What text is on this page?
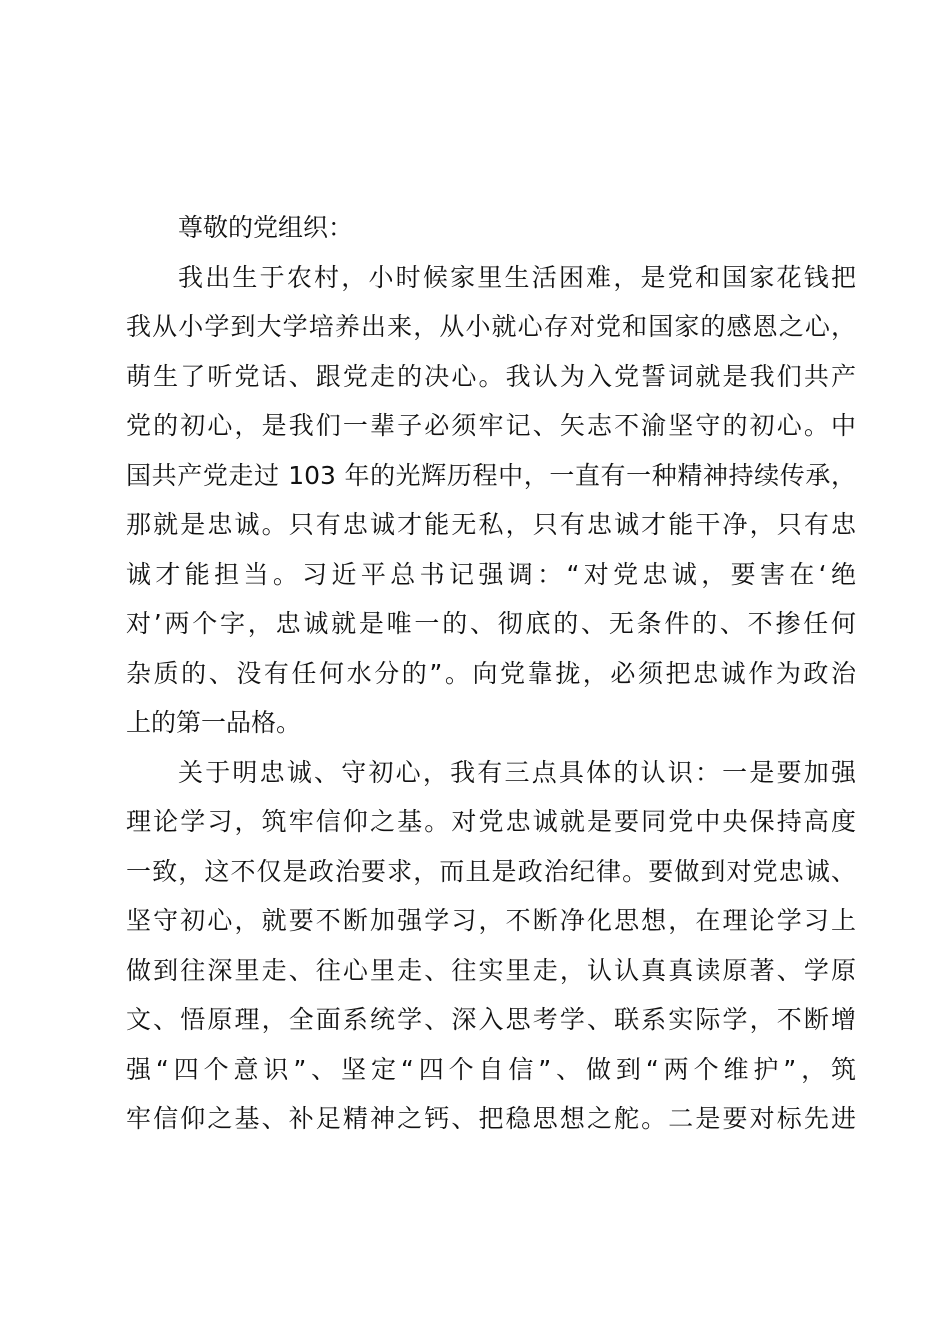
尊敬的党组织：
我出生于农村，小时候家里生活困难，是党和国家花钱把
我从小学到大学培养出来，从小就心存对党和国家的感恩之心，
萌生了听党话、跟党走的决心。我认为入党誓词就是我们共产
党的初心，是我们一辈子必须牢记、矢志不渝坚守的初心。中
国共产党走过 103 年的光辉历程中，一直有一种精神持续传承，
那就是忠诚。只有忠诚才能无私，只有忠诚才能干净，只有忠
诚才能担当。习近平总书记强调：“对党忠诚，要害在‘绝
对’两个字，忠诚就是唯一的、彻底的、无条件的、不掺任何
杂质的、没有任何水分的”。向党靠拢，必须把忠诚作为政治
上的第一品格。
关于明忠诚、守初心，我有三点具体的认识：一是要加强
理论学习，筑牢信仰之基。对党忠诚就是要同党中央保持高度
一致，这不仅是政治要求，而且是政治纪律。要做到对党忠诚、
坚守初心，就要不断加强学习，不断净化思想，在理论学习上
做到往深里走、往心里走、往实里走，认认真真读原著、学原
文、悟原理，全面系统学、深入思考学、联系实际学，不断增
强“四个意识”、坚定“四个自信”、做到“两个维护”，筑
牢信仰之基、补足精神之钙、把稳思想之舵。二是要对标先进
